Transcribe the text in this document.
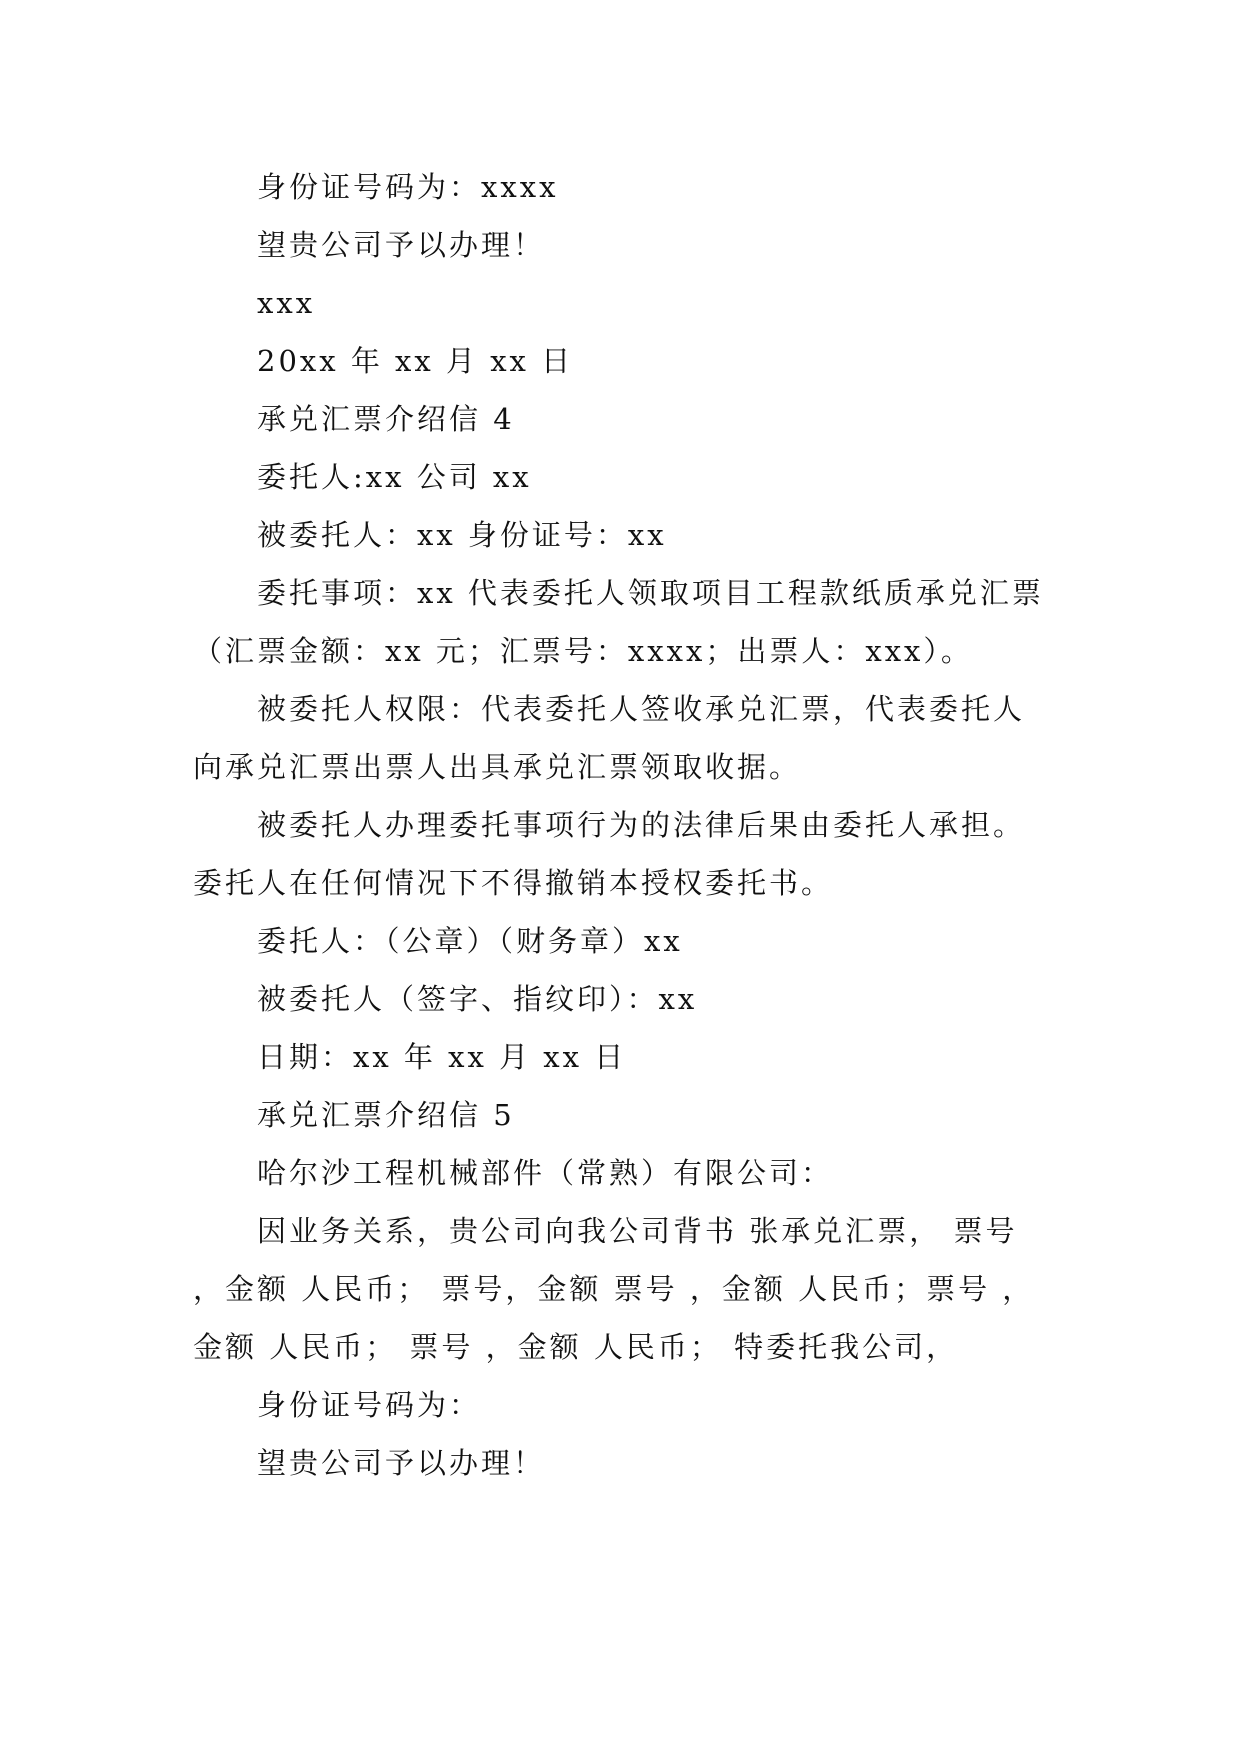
身份证号码为：xxxx

望贵公司予以办理！

xxx

20xx 年 xx 月 xx 日

承兑汇票介绍信 4

委托人:xx 公司 xx

被委托人：xx 身份证号：xx

委托事项：xx 代表委托人领取项目工程款纸质承兑汇票（汇票金额：xx 元；汇票号：xxxx；出票人：xxx）。

被委托人权限：代表委托人签收承兑汇票，代表委托人向承兑汇票出票人出具承兑汇票领取收据。

被委托人办理委托事项行为的法律后果由委托人承担。委托人在任何情况下不得撤销本授权委托书。

委托人：（公章）（财务章）xx

被委托人（签字、指纹印）：xx

日期：xx 年 xx 月 xx 日

承兑汇票介绍信 5

哈尔沙工程机械部件（常熟）有限公司：

因业务关系，贵公司向我公司背书 张承兑汇票， 票号 ，金额 人民币； 票号，金额 票号 ，金额 人民币；票号 ，金额 人民币； 票号 ，金额 人民币； 特委托我公司，

身份证号码为：

望贵公司予以办理！
